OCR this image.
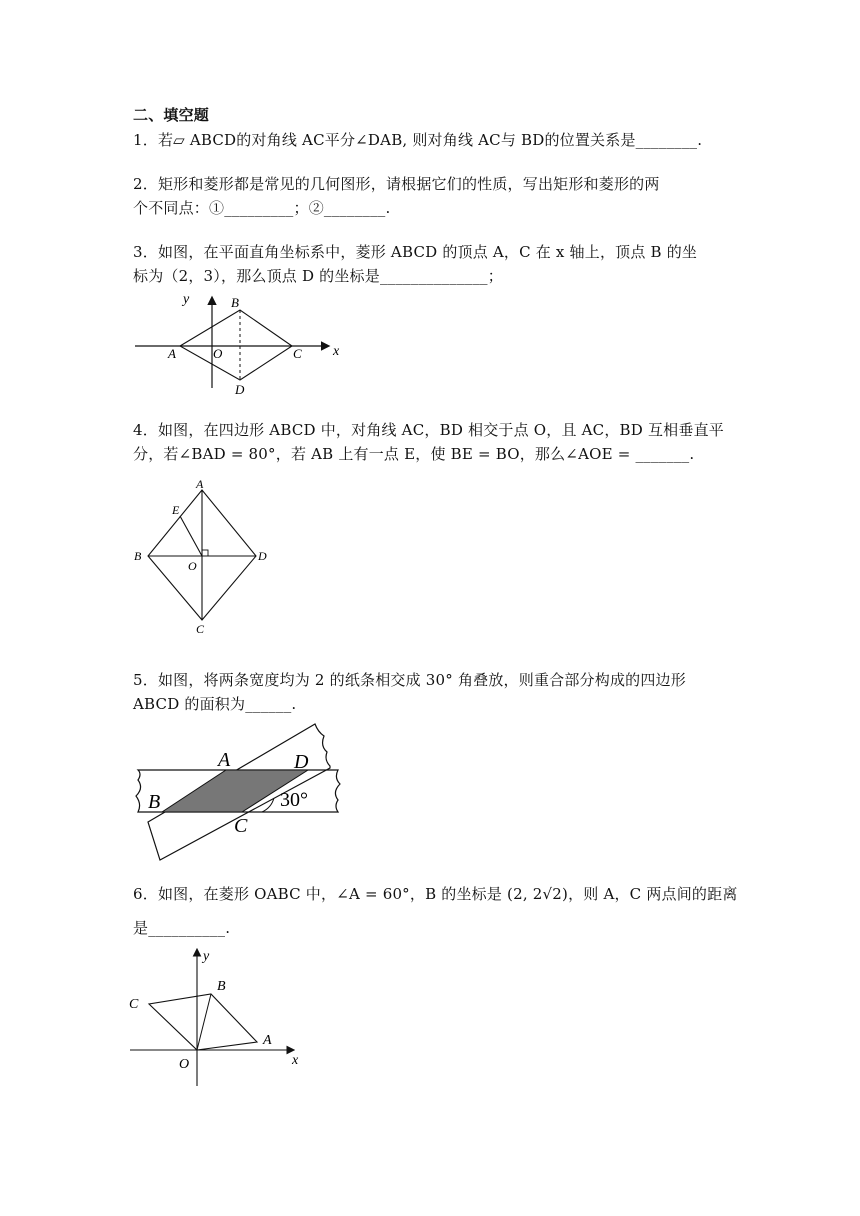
二、填空题
1．若▱ ABCD的对角线 AC平分∠DAB, 则对角线 AC与 BD的位置关系是________.
2．矩形和菱形都是常见的几何图形，请根据它们的性质，写出矩形和菱形的两
个不同点：①_________；②________.
3．如图，在平面直角坐标系中，菱形 ABCD 的顶点 A，C 在 x 轴上，顶点 B 的坐
标为（2，3），那么顶点 D 的坐标是______________；
y
x
A
B
C
D
O
4．如图，在四边形 ABCD 中，对角线 AC，BD 相交于点 O，且 AC，BD 互相垂直平
分，若∠BAD = 80°，若 AB 上有一点 E，使 BE = BO，那么∠AOE = _______.
A
E
B
O
D
C
5．如图，将两条宽度均为 2 的纸条相交成 30° 角叠放，则重合部分构成的四边形
ABCD 的面积为______.
A	D
B
C
30°
6．如图，在菱形 OABC 中，∠A = 60°，B 的坐标是 (2, 2√2)，则 A，C 两点间的距离
是__________.
y
x
B
C
A
O
